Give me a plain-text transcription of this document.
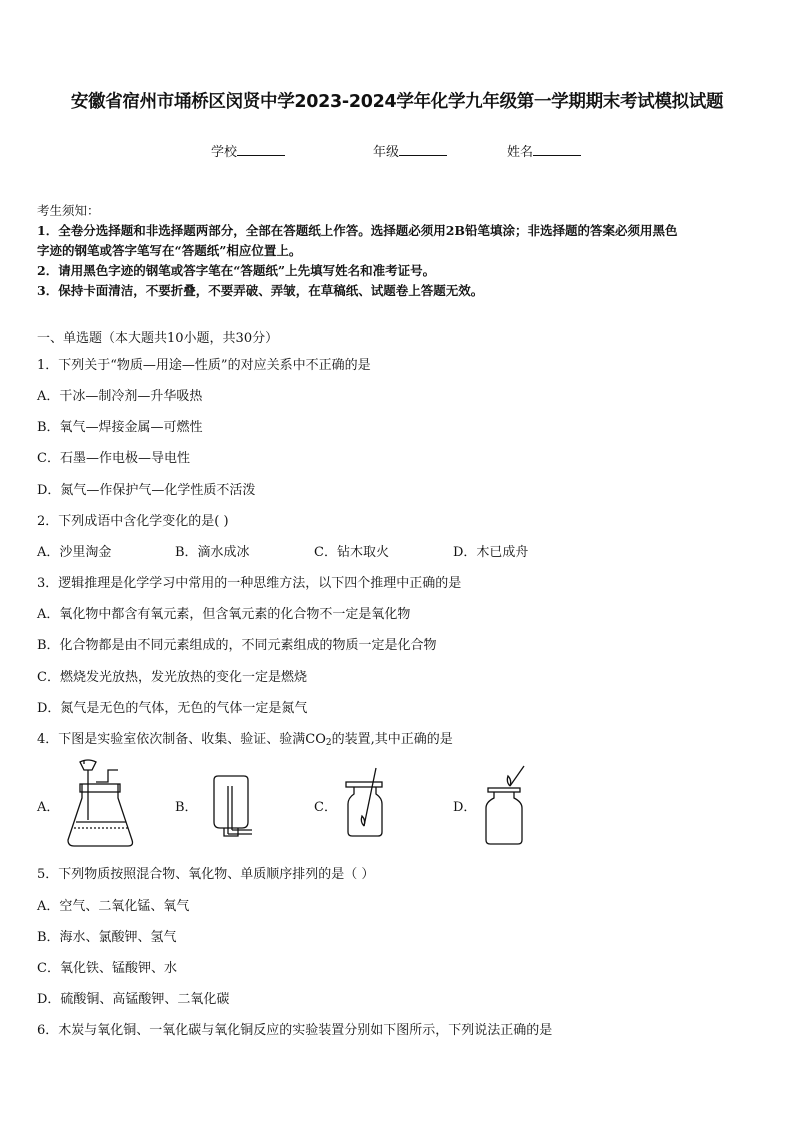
安徽省宿州市埇桥区闵贤中学2023-2024学年化学九年级第一学期期末考试模拟试题
学校	年级	姓名
考生须知：
1．全卷分选择题和非选择题两部分，全部在答题纸上作答。选择题必须用2B铅笔填涂；非选择题的答案必须用黑色
字迹的钢笔或答字笔写在“答题纸”相应位置上。
2．请用黑色字迹的钢笔或答字笔在“答题纸”上先填写姓名和准考证号。
3．保持卡面清洁，不要折叠，不要弄破、弄皱，在草稿纸、试题卷上答题无效。
一、单选题（本大题共10小题，共30分）
1．下列关于“物质—用途—性质”的对应关系中不正确的是
A．干冰—制冷剂—升华吸热
B．氧气—焊接金属—可燃性
C．石墨—作电极—导电性
D．氮气—作保护气—化学性质不活泼
2．下列成语中含化学变化的是( )
A．沙里淘金	B．滴水成冰	C．钻木取火	D．木已成舟
3．逻辑推理是化学学习中常用的一种思维方法，以下四个推理中正确的是
A．氧化物中都含有氧元素，但含氧元素的化合物不一定是氧化物
B．化合物都是由不同元素组成的，不同元素组成的物质一定是化合物
C．燃烧发光放热，发光放热的变化一定是燃烧
D．氮气是无色的气体，无色的气体一定是氮气
4．下图是实验室依次制备、收集、验证、验满$CO_2$的装置,其中正确的是
A．	B．	C．	D．
5．下列物质按照混合物、氧化物、单质顺序排列的是（ ）
A．空气、二氧化锰、氧气
B．海水、氯酸钾、氢气
C．氧化铁、锰酸钾、水
D．硫酸铜、高锰酸钾、二氧化碳
6．木炭与氧化铜、一氧化碳与氧化铜反应的实验装置分别如下图所示，下列说法正确的是
